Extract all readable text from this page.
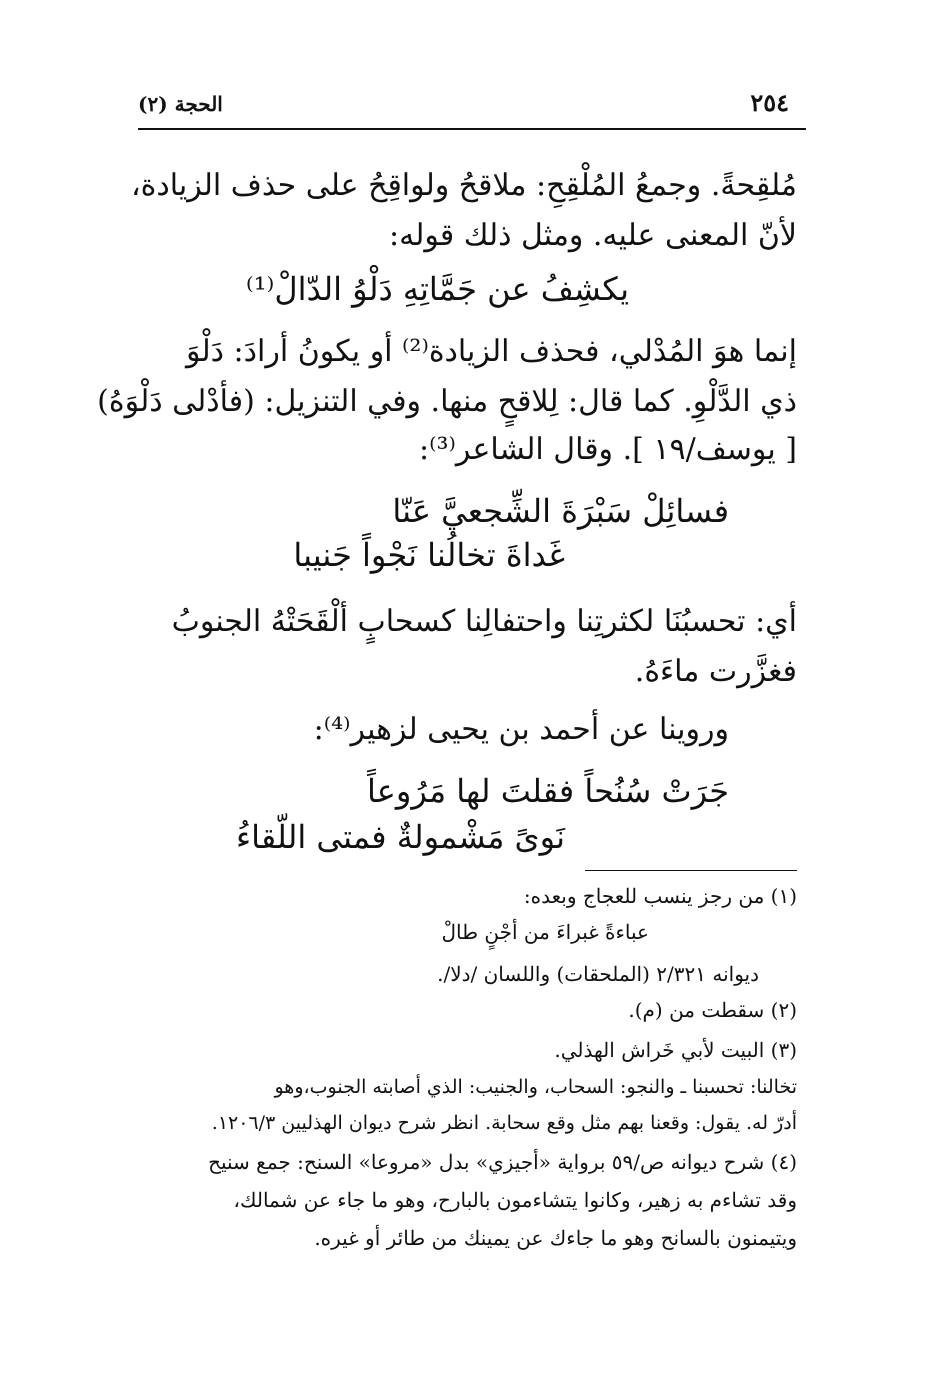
٢٥٤
الحجة (٢)
مُلقِحةً. وجمعُ المُلْقِحِ: ملاقحُ ولواقِحُ على حذف الزيادة،
لأنّ المعنى عليه. ومثل ذلك قوله:
يكشِفُ عن جَمَّاتِهِ دَلْوُ الدّالْ⁽¹⁾
إنما هوَ المُدْلي، فحذف الزيادة⁽²⁾ أو يكونُ أرادَ: دَلْوَ
ذي الدَّلْوِ. كما قال: لِلاقحٍ منها. وفي التنزيل: (فأدْلى دَلْوَهُ)
[ يوسف/١٩ ]. وقال الشاعر⁽³⁾:
فسائِلْ سَبْرَةَ الشِّجعيَّ عَنّا
غَداةَ تخالُنا نَجْواً جَنيبا
أي: تحسبُنَا لكثرتِنا واحتفالِنا كسحابٍ ألْقَحَتْهُ الجنوبُ
فغزَّرت ماءَهُ.
وروينا عن أحمد بن يحيى لزهير⁽⁴⁾:
جَرَتْ سُنُحاً فقلتَ لها مَرُوعاً
نَوىً مَشْمولةٌ فمتى اللّقاءُ
(١) من رجز ينسب للعجاج وبعده:
عباءةً غبراءَ من أجْنٍ طالْ
ديوانه ٢/٣٢١ (الملحقات) واللسان /دلا/.
(٢) سقطت من (م).
(٣) البيت لأبي خَراش الهذلي.
تخالنا: تحسبنا ـ والنجو: السحاب، والجنيب: الذي أصابته الجنوب،وهو
أدرّ له. يقول: وقعنا بهم مثل وقع سحابة. انظر شرح ديوان الهذليين ١٢٠٦/٣.
(٤) شرح ديوانه ص/٥٩ برواية «أجيزي» بدل «مروعا» السنح: جمع سنيح
وقد تشاءم به زهير، وكانوا يتشاءمون بالبارح، وهو ما جاء عن شمالك،
ويتيمنون بالسانح وهو ما جاءك عن يمينك من طائر أو غيره.
